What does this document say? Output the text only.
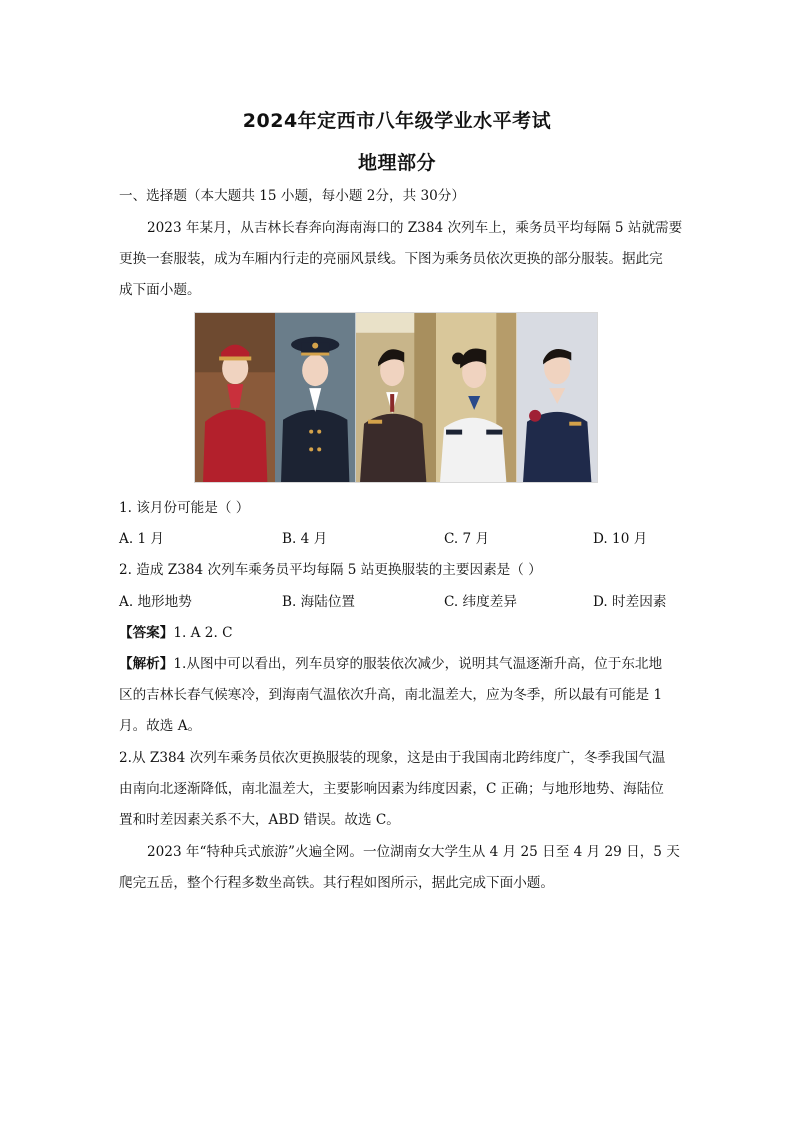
2024年定西市八年级学业水平考试
地理部分
一、选择题（本大题共 15 小题，每小题 2分，共 30分）
2023 年某月，从吉林长春奔向海南海口的 Z384 次列车上，乘务员平均每隔 5 站就需要
更换一套服装，成为车厢内行走的亮丽风景线。下图为乘务员依次更换的部分服装。据此完
成下面小题。
1. 该月份可能是（ ）
A. 1 月	B. 4 月	C. 7 月	D. 10 月
2. 造成 Z384 次列车乘务员平均每隔 5 站更换服装的主要因素是（ ）
A. 地形地势	B. 海陆位置	C. 纬度差异	D. 时差因素
【答案】1. A 2. C
【解析】1.从图中可以看出，列车员穿的服装依次减少，说明其气温逐渐升高，位于东北地
区的吉林长春气候寒冷，到海南气温依次升高，南北温差大，应为冬季，所以最有可能是 1
月。故选 A。
2.从 Z384 次列车乘务员依次更换服装的现象，这是由于我国南北跨纬度广，冬季我国气温
由南向北逐渐降低，南北温差大，主要影响因素为纬度因素，C 正确；与地形地势、海陆位
置和时差因素关系不大，ABD 错误。故选 C。
2023 年“特种兵式旅游”火遍全网。一位湖南女大学生从 4 月 25 日至 4 月 29 日，5 天
爬完五岳，整个行程多数坐高铁。其行程如图所示，据此完成下面小题。
